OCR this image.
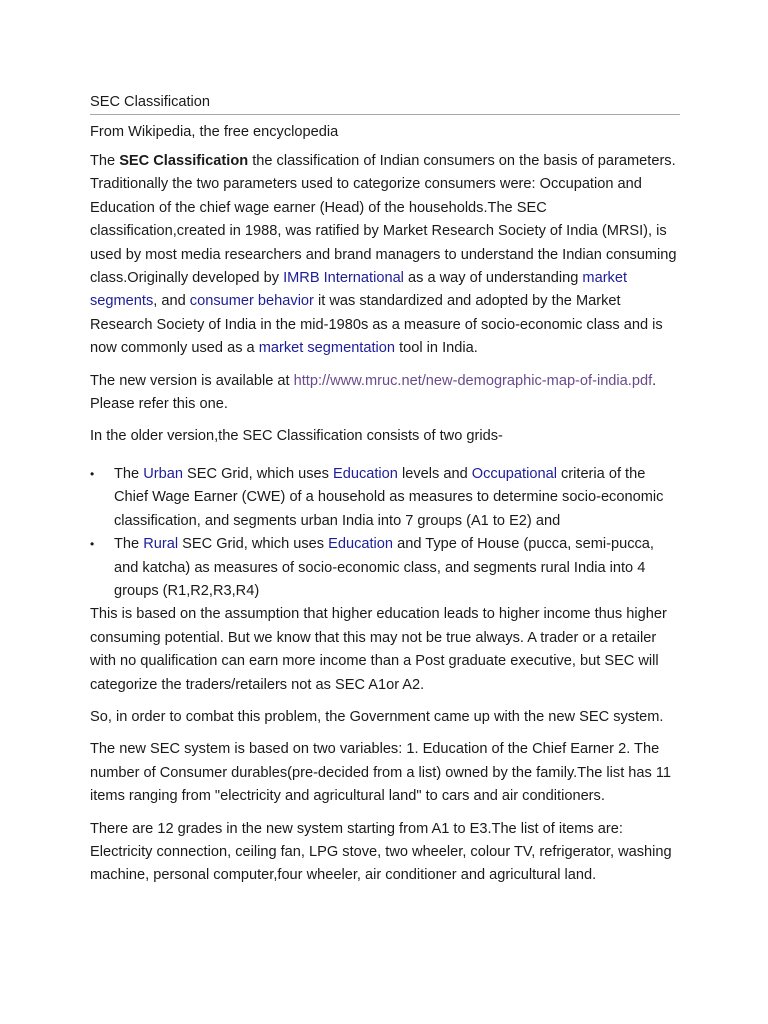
SEC Classification
From Wikipedia, the free encyclopedia

The SEC Classification the classification of Indian consumers on the basis of parameters. Traditionally the two parameters used to categorize consumers were: Occupation and Education of the chief wage earner (Head) of the households.The SEC classification,created in 1988, was ratified by Market Research Society of India (MRSI), is used by most media researchers and brand managers to understand the Indian consuming class.Originally developed by IMRB International as a way of understanding market segments, and consumer behavior it was standardized and adopted by the Market Research Society of India in the mid-1980s as a measure of socio-economic class and is now commonly used as a market segmentation tool in India.

The new version is available at http://www.mruc.net/new-demographic-map-of-india.pdf. Please refer this one.

In the older version,the SEC Classification consists of two grids-

• The Urban SEC Grid, which uses Education levels and Occupational criteria of the Chief Wage Earner (CWE) of a household as measures to determine socio-economic classification, and segments urban India into 7 groups (A1 to E2) and
• The Rural SEC Grid, which uses Education and Type of House (pucca, semi-pucca, and katcha) as measures of socio-economic class, and segments rural India into 4 groups (R1,R2,R3,R4)

This is based on the assumption that higher education leads to higher income thus higher consuming potential. But we know that this may not be true always. A trader or a retailer with no qualification can earn more income than a Post graduate executive, but SEC will categorize the traders/retailers not as SEC A1or A2.

So, in order to combat this problem, the Government came up with the new SEC system.

The new SEC system is based on two variables: 1. Education of the Chief Earner 2. The number of Consumer durables(pre-decided from a list) owned by the family.The list has 11 items ranging from "electricity and agricultural land" to cars and air conditioners.

There are 12 grades in the new system starting from A1 to E3.The list of items are: Electricity connection, ceiling fan, LPG stove, two wheeler, colour TV, refrigerator, washing machine, personal computer,four wheeler, air conditioner and agricultural land.
